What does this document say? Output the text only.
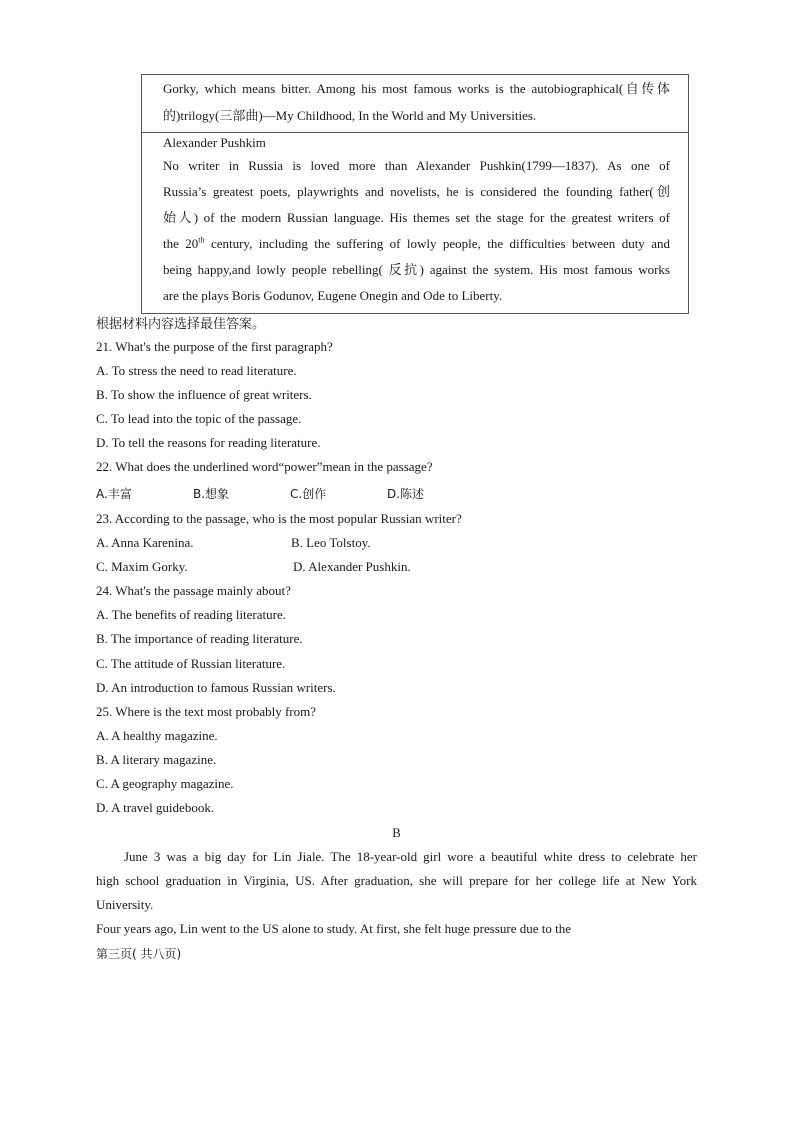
Gorky, which means bitter. Among his most famous works is the autobiographical(自传体
的)trilogy(三部曲)—My Childhood, In the World and My Universities.
Alexander Pushkim
No writer in Russia is loved more than Alexander Pushkin(1799—1837). As one of
Russia’s greatest poets, playwrights and novelists, he is considered the founding father(创
始人) of the modern Russian language. His themes set the stage for the greatest writers of
the 20th century, including the suffering of lowly people, the difficulties between duty and
being happy,and lowly people rebelling( 反抗) against the system. His most famous works
are the plays Boris Godunov, Eugene Onegin and Ode to Liberty.
根据材料内容选择最佳答案。
21. What's the purpose of the first paragraph?
A. To stress the need to read literature.
B. To show the influence of great writers.
C. To lead into the topic of the passage.
D. To tell the reasons for reading literature.
22. What does the underlined word“power”mean in the passage?
A.丰富	B.想象	C.创作	D.陈述
23. According to the passage, who is the most popular Russian writer?
A. Anna Karenina.	B. Leo Tolstoy.
C. Maxim Gorky.	D. Alexander Pushkin.
24. What's the passage mainly about?
A. The benefits of reading literature.
B. The importance of reading literature.
C. The attitude of Russian literature.
D. An introduction to famous Russian writers.
25. Where is the text most probably from?
A. A healthy magazine.
B. A literary magazine.
C. A geography magazine.
D. A travel guidebook.
B
June 3 was a big day for Lin Jiale. The 18-year-old girl wore a beautiful white dress to celebrate her
high school graduation in Virginia, US. After graduation, she will prepare for her college life at New York
University.
Four years ago, Lin went to the US alone to study. At first, she felt huge pressure due to the
第三页( 共八页)
